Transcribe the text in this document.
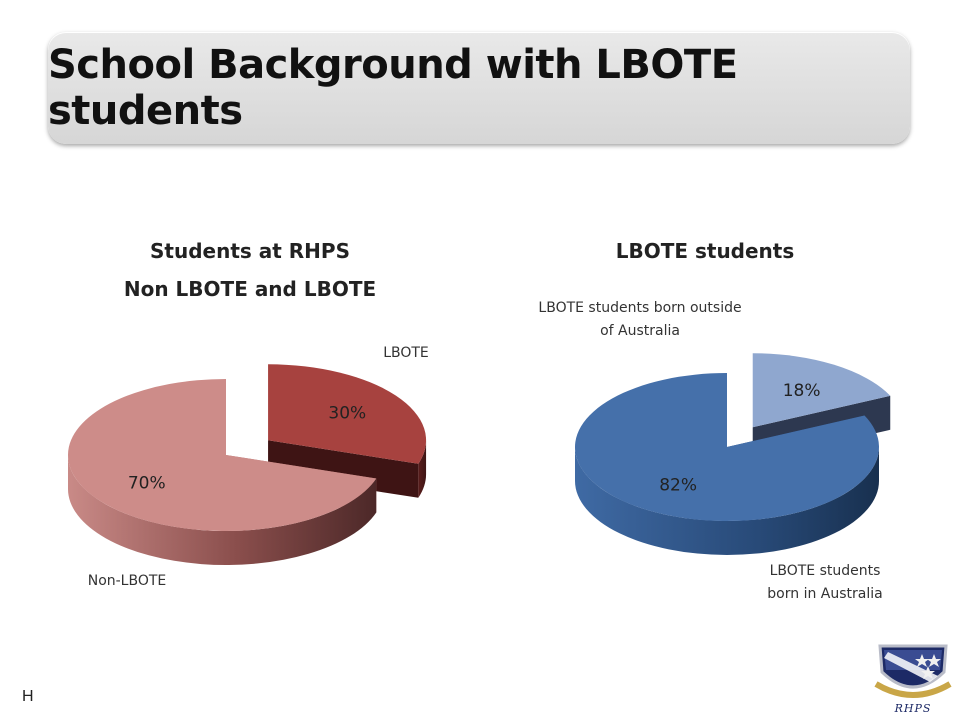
School Background with LBOTE students
Students at RHPS
Non LBOTE and LBOTE
LBOTE
Non-LBOTE
LBOTE students
LBOTE students born outside
of Australia
LBOTE students
born in Australia
30%
70%
18%
82%
H
RHPS
